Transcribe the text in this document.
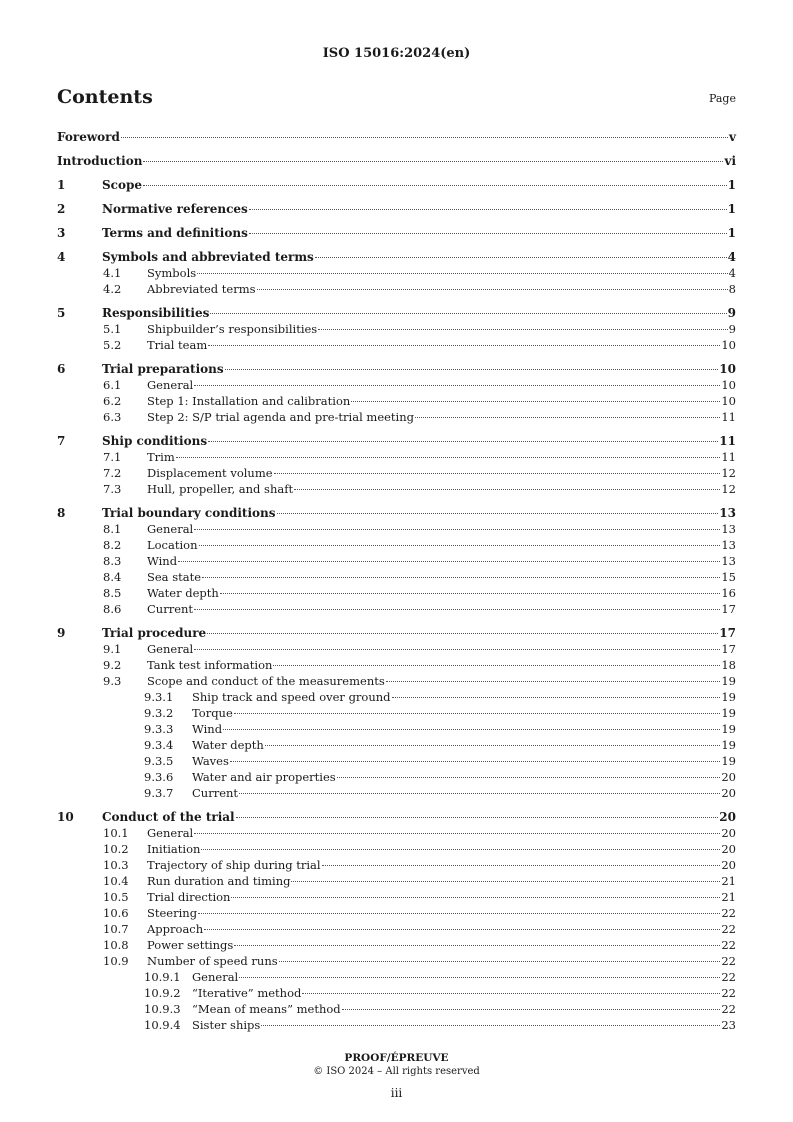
ISO 15016:2024(en)
Contents	Page
Foreword	v
Introduction	vi
1	Scope	1
2	Normative references	1
3	Terms and definitions	1
4	Symbols and abbreviated terms	4
4.1 Symbols	4
4.2 Abbreviated terms	8
5	Responsibilities	9
5.1 Shipbuilder’s responsibilities	9
5.2 Trial team	10
6	Trial preparations	10
6.1 General	10
6.2 Step 1: Installation and calibration	10
6.3 Step 2: S/P trial agenda and pre-trial meeting	11
7	Ship conditions	11
7.1 Trim	11
7.2 Displacement volume	12
7.3 Hull, propeller, and shaft	12
8	Trial boundary conditions	13
8.1 General	13
8.2 Location	13
8.3 Wind	13
8.4 Sea state	15
8.5 Water depth	16
8.6 Current	17
9	Trial procedure	17
9.1 General	17
9.2 Tank test information	18
9.3 Scope and conduct of the measurements	19
9.3.1 Ship track and speed over ground	19
9.3.2 Torque	19
9.3.3 Wind	19
9.3.4 Water depth	19
9.3.5 Waves	19
9.3.6 Water and air properties	20
9.3.7 Current	20
10 Conduct of the trial	20
10.1 General	20
10.2 Initiation	20
10.3 Trajectory of ship during trial	20
10.4 Run duration and timing	21
10.5 Trial direction	21
10.6 Steering	22
10.7 Approach	22
10.8 Power settings	22
10.9 Number of speed runs	22
10.9.1 General	22
10.9.2 “Iterative” method	22
10.9.3 “Mean of means” method	22
10.9.4 Sister ships	23
PROOF/ÉPREUVE
© ISO 2024 – All rights reserved
iii
